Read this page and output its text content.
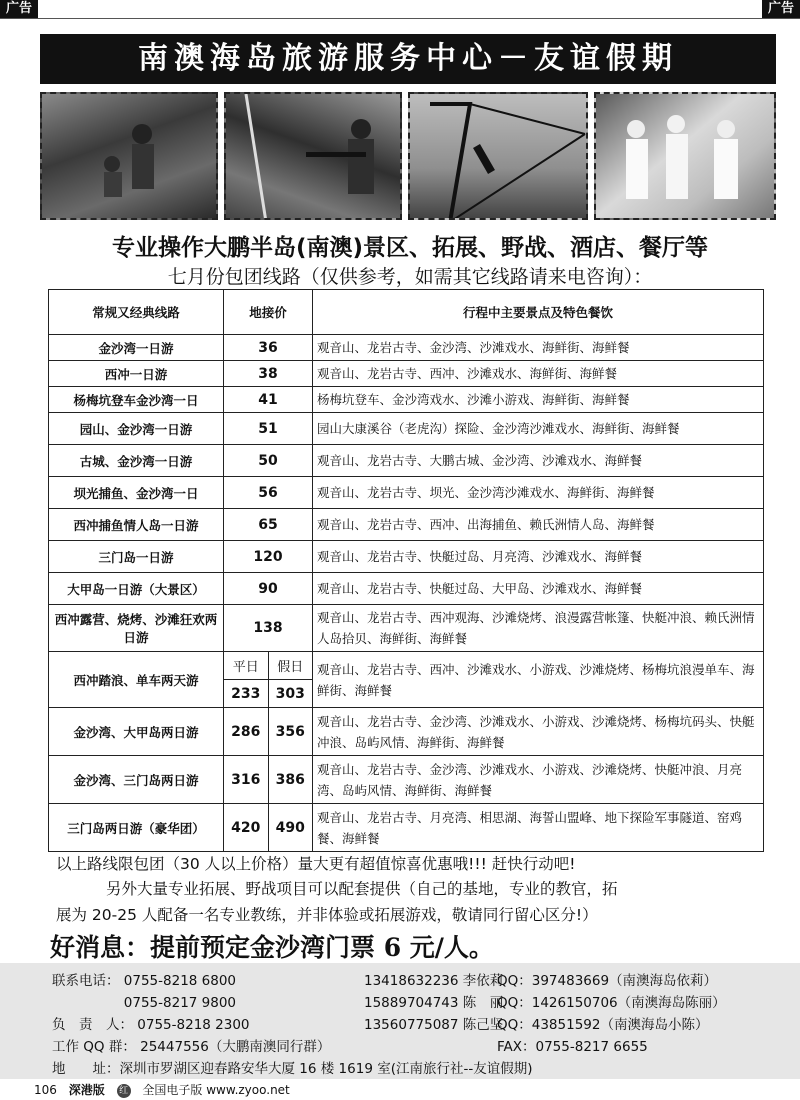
广告	广告
南澳海岛旅游服务中心－友谊假期
专业操作大鹏半岛(南澳)景区、拓展、野战、酒店、餐厅等
七月份包团线路（仅供参考，如需其它线路请来电咨询）：
常规又经典线路	地接价		行程中主要景点及特色餐饮
金沙湾一日游	36		观音山、龙岩古寺、金沙湾、沙滩戏水、海鲜街、海鲜餐
西冲一日游	38		观音山、龙岩古寺、西冲、沙滩戏水、海鲜街、海鲜餐
杨梅坑登车金沙湾一日	41		杨梅坑登车、金沙湾戏水、沙滩小游戏、海鲜街、海鲜餐
园山、金沙湾一日游	51		园山大康溪谷（老虎沟）探险、金沙湾沙滩戏水、海鲜街、海鲜餐
古城、金沙湾一日游	50		观音山、龙岩古寺、大鹏古城、金沙湾、沙滩戏水、海鲜餐
坝光捕鱼、金沙湾一日	56		观音山、龙岩古寺、坝光、金沙湾沙滩戏水、海鲜街、海鲜餐
西冲捕鱼情人岛一日游	65		观音山、龙岩古寺、西冲、出海捕鱼、赖氏洲情人岛、海鲜餐
三门岛一日游	120		观音山、龙岩古寺、快艇过岛、月亮湾、沙滩戏水、海鲜餐
大甲岛一日游（大景区）	90		观音山、龙岩古寺、快艇过岛、大甲岛、沙滩戏水、海鲜餐
西冲露营、烧烤、沙滩狂欢两日游	138		观音山、龙岩古寺、西冲观海、沙滩烧烤、浪漫露营帐篷、快艇冲浪、赖氏洲情人岛拾贝、海鲜街、海鲜餐
西冲踏浪、单车两天游	平日	假日	观音山、龙岩古寺、西冲、沙滩戏水、小游戏、沙滩烧烤、杨梅坑浪漫单车、海鲜街、海鲜餐
	233	303	
金沙湾、大甲岛两日游	286	356	观音山、龙岩古寺、金沙湾、沙滩戏水、小游戏、沙滩烧烤、杨梅坑码头、快艇冲浪、岛屿风情、海鲜街、海鲜餐
金沙湾、三门岛两日游	316	386	观音山、龙岩古寺、金沙湾、沙滩戏水、小游戏、沙滩烧烤、快艇冲浪、月亮湾、岛屿风情、海鲜街、海鲜餐
三门岛两日游（豪华团）	420	490	观音山、龙岩古寺、月亮湾、相思湖、海誓山盟峰、地下探险军事隧道、窑鸡餐、海鲜餐
以上路线限包团（30 人以上价格）量大更有超值惊喜优惠哦!!! 赶快行动吧!
另外大量专业拓展、野战项目可以配套提供（自己的基地，专业的教官，拓
展为 20-25 人配备一名专业教练，并非体验或拓展游戏，敬请同行留心区分!）
好消息：提前预定金沙湾门票 6 元/人。
联系电话： 0755-8218 6800	13418632236 李依莉
QQ：397483669（南澳海岛依莉）
　　　　　 0755-8217 9800	15889704743 陈　丽
QQ：1426150706（南澳海岛陈丽）
负　责　人： 0755-8218 2300	13560775087 陈己坚
QQ：43851592（南澳海岛小陈）
工作 QQ 群： 25447556（大鹏南澳同行群）	FAX：0755-8217 6655
地　　址：深圳市罗湖区迎春路安华大厦 16 楼 1619 室(江南旅行社--友谊假期)
106 深港版 红 全国电子版 www.zyoo.net
